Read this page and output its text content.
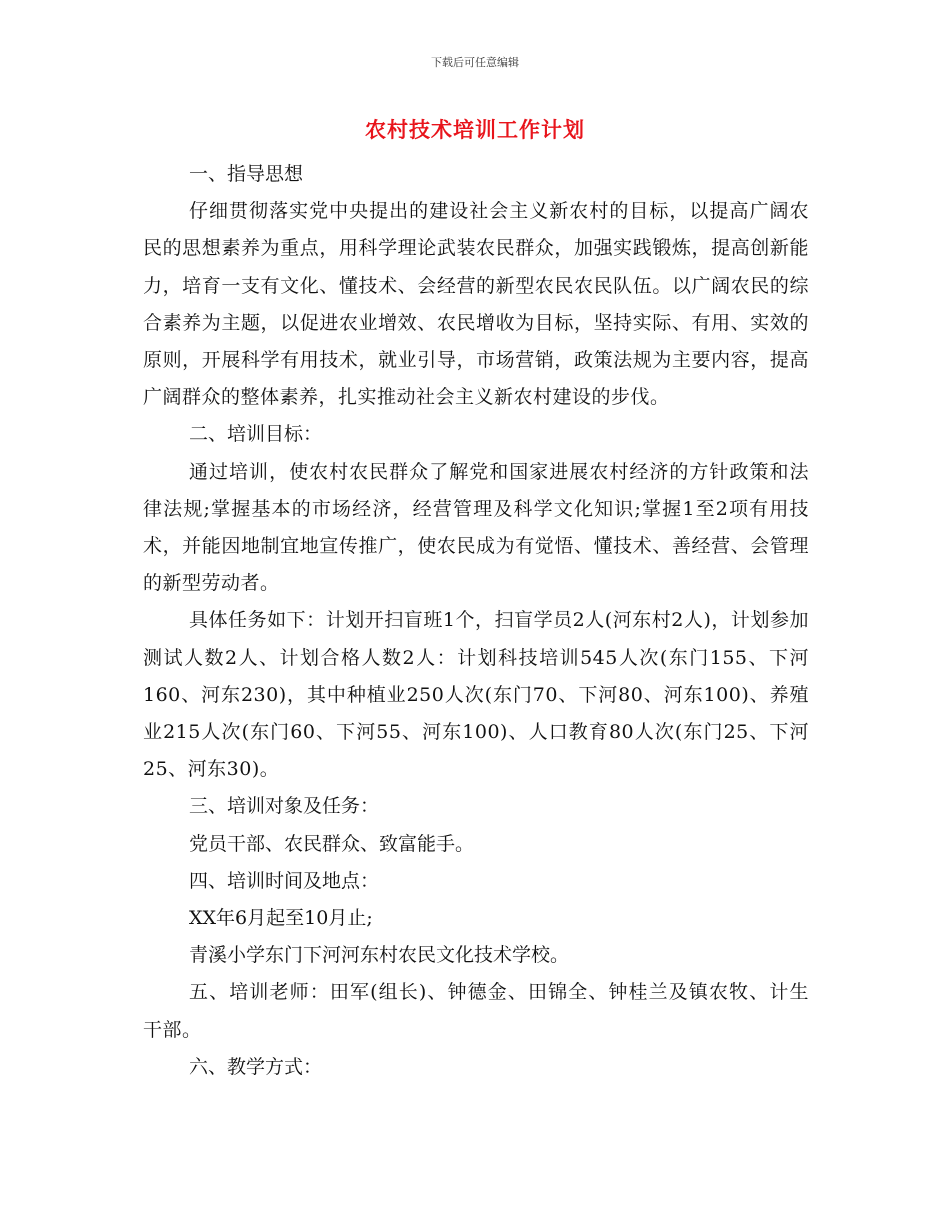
下载后可任意编辑
农村技术培训工作计划

一、指导思想

仔细贯彻落实党中央提出的建设社会主义新农村的目标，以提高广阔农民的思想素养为重点，用科学理论武装农民群众，加强实践锻炼，提高创新能力，培育一支有文化、懂技术、会经营的新型农民农民队伍。以广阔农民的综合素养为主题，以促进农业增效、农民增收为目标，坚持实际、有用、实效的原则，开展科学有用技术，就业引导，市场营销，政策法规为主要内容，提高广阔群众的整体素养，扎实推动社会主义新农村建设的步伐。

二、培训目标：

通过培训，使农村农民群众了解党和国家进展农村经济的方针政策和法律法规;掌握基本的市场经济，经营管理及科学文化知识;掌握1至2项有用技术，并能因地制宜地宣传推广，使农民成为有觉悟、懂技术、善经营、会管理的新型劳动者。

具体任务如下：计划开扫盲班1个，扫盲学员2人(河东村2人)，计划参加测试人数2人、计划合格人数2人：计划科技培训545人次(东门155、下河160、河东230)，其中种植业250人次(东门70、下河80、河东100)、养殖业215人次(东门60、下河55、河东100)、人口教育80人次(东门25、下河25、河东30)。

三、培训对象及任务：

党员干部、农民群众、致富能手。

四、培训时间及地点：

XX年6月起至10月止;

青溪小学东门下河河东村农民文化技术学校。

五、培训老师：田军(组长)、钟德金、田锦全、钟桂兰及镇农牧、计生干部。

六、教学方式：
